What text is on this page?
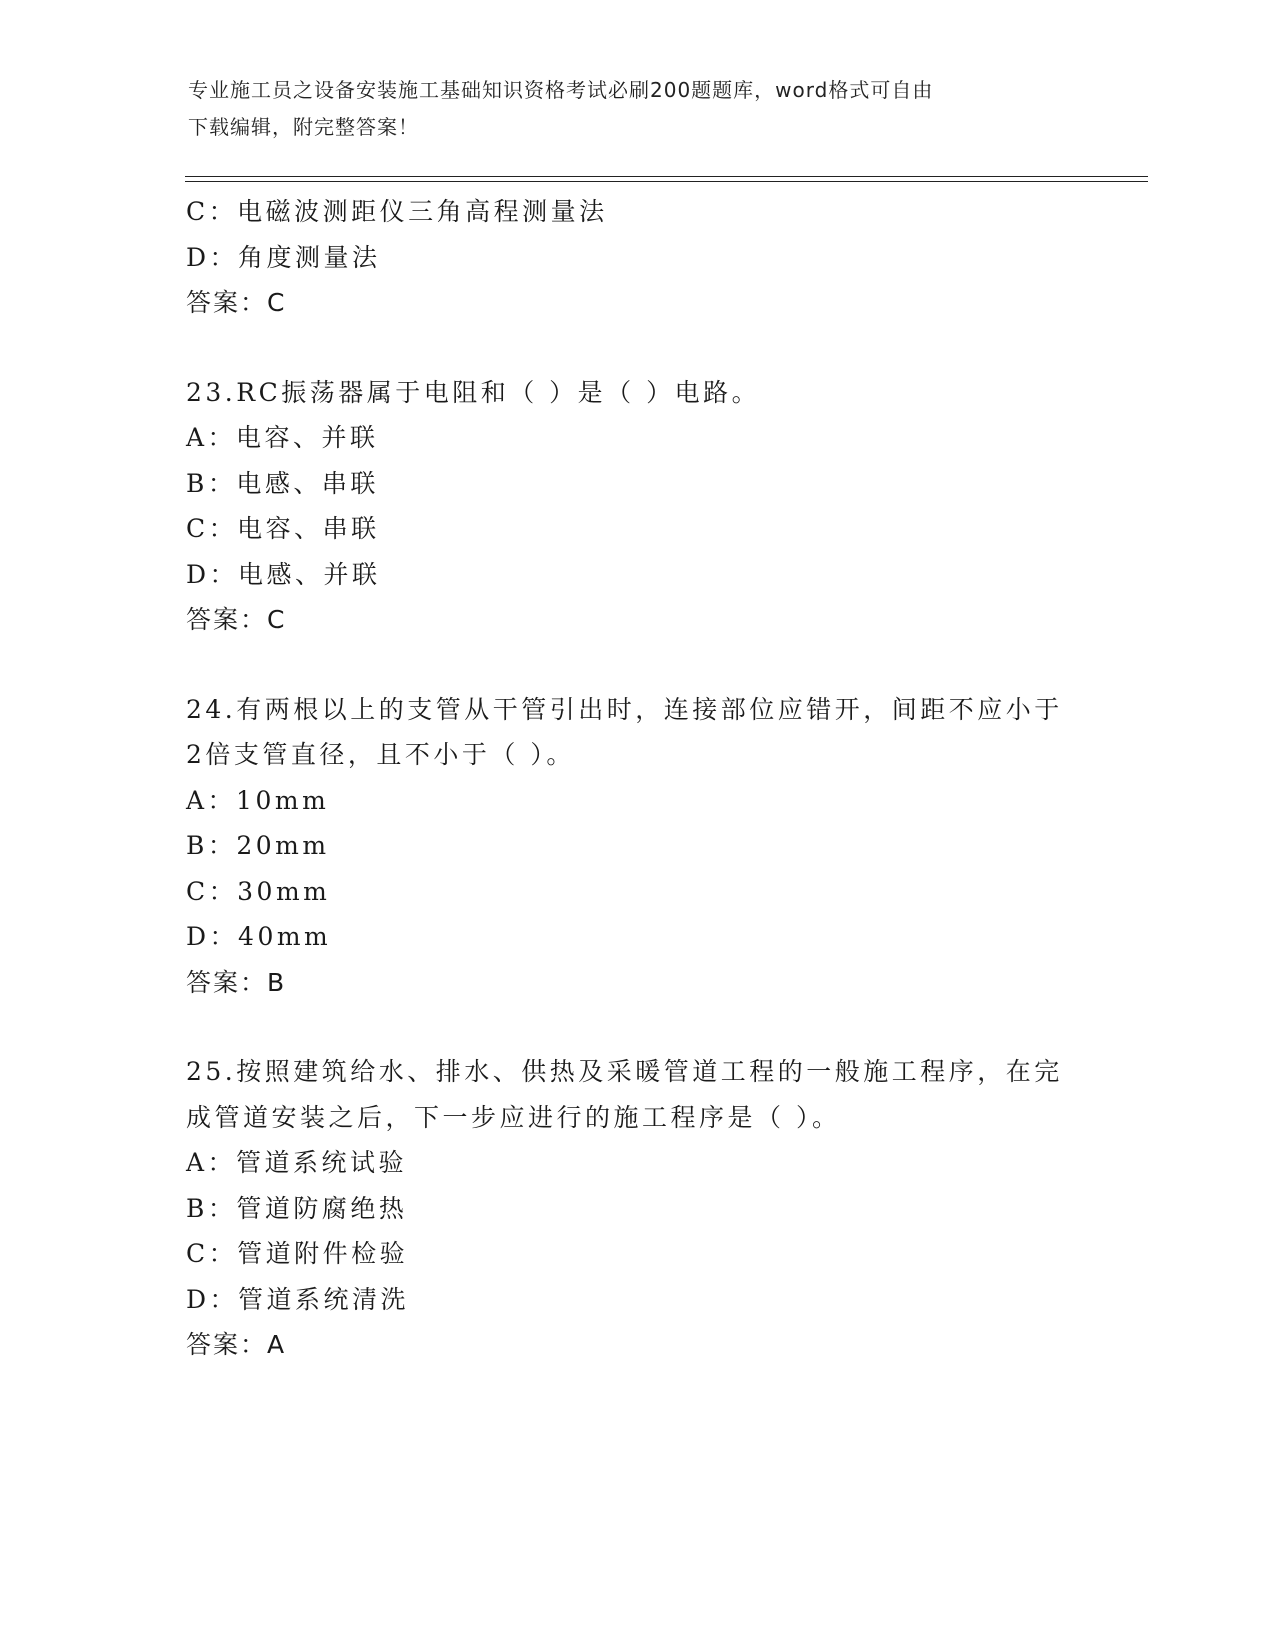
专业施工员之设备安装施工基础知识资格考试必刷200题题库，word格式可自由
下载编辑，附完整答案！
C：电磁波测距仪三角高程测量法
D：角度测量法
答案：C
23.RC振荡器属于电阻和（ ）是（ ）电路。
A：电容、并联
B：电感、串联
C：电容、串联
D：电感、并联
答案：C
24.有两根以上的支管从干管引出时，连接部位应错开，间距不应小于
2倍支管直径，且不小于（ ）。
A：10mm
B：20mm
C：30mm
D：40mm
答案：B
25.按照建筑给水、排水、供热及采暖管道工程的一般施工程序，在完
成管道安装之后，下一步应进行的施工程序是（ ）。
A：管道系统试验
B：管道防腐绝热
C：管道附件检验
D：管道系统清洗
答案：A
